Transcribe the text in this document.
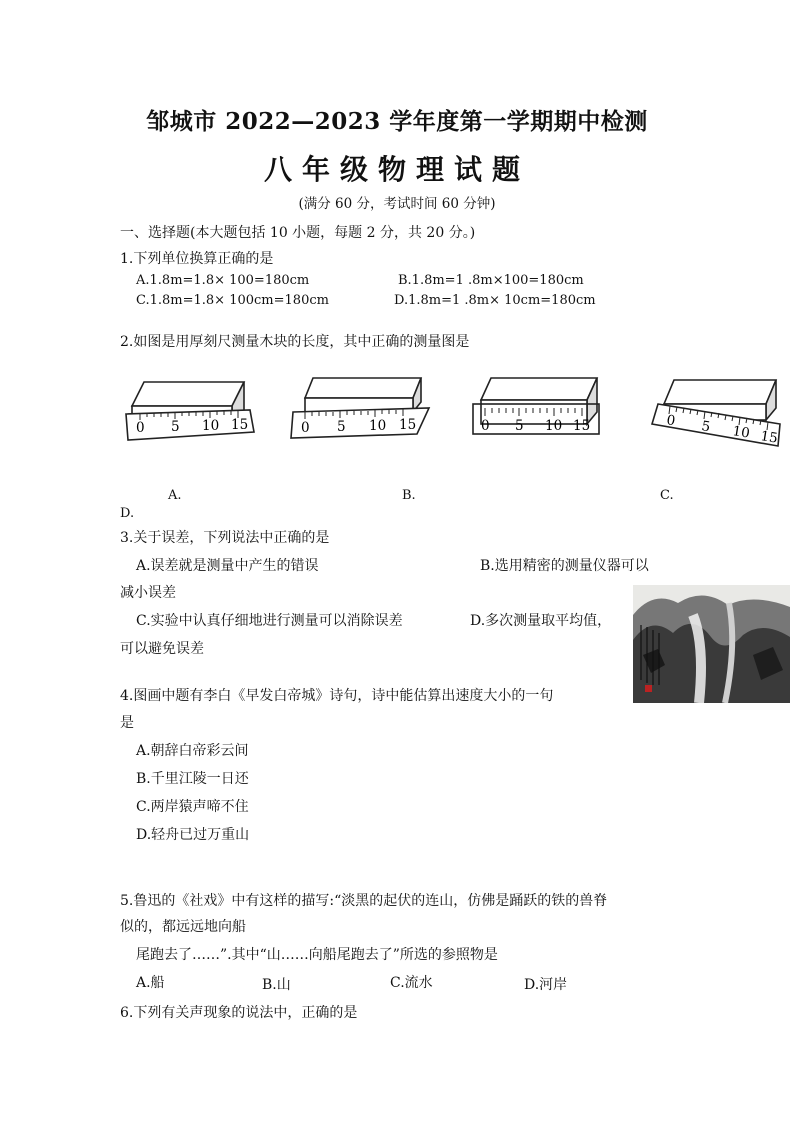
邹城市 2022—2023 学年度第一学期期中检测
八年级物理试题
(满分 60 分，考试时间 60 分钟)
一、选择题(本大题包括 10 小题，每题 2 分，共 20 分。)
1.下列单位换算正确的是
A.1.8m=1.8× 100=180cm	B.1.8m=1 .8m×100=180cm
C.1.8m=1.8× 100cm=180cm	D.1.8m=1 .8m× 10cm=180cm
2.如图是用厚刻尺测量木块的长度，其中正确的测量图是
0 5 10 15	0 5 10 15	0 5 10 15	0 5 10 15
A.	B.	C.
D.
3.关于误差，下列说法中正确的是
A.误差就是测量中产生的错误	B.选用精密的测量仪器可以
减小误差
C.实验中认真仔细地进行测量可以消除误差	D.多次测量取平均值，
可以避免误差
4.图画中题有李白《早发白帝城》诗句，诗中能估算出速度大小的一句
是
A.朝辞白帝彩云间
B.千里江陵一日还
C.两岸猿声啼不住
D.轻舟已过万重山
5.鲁迅的《社戏》中有这样的描写:“淡黑的起伏的连山，仿佛是踊跃的铁的兽脊
似的，都远远地向船
尾跑去了……”.其中“山……向船尾跑去了”所选的参照物是
A.船	B.山	C.流水	D.河岸
6.下列有关声现象的说法中，正确的是
